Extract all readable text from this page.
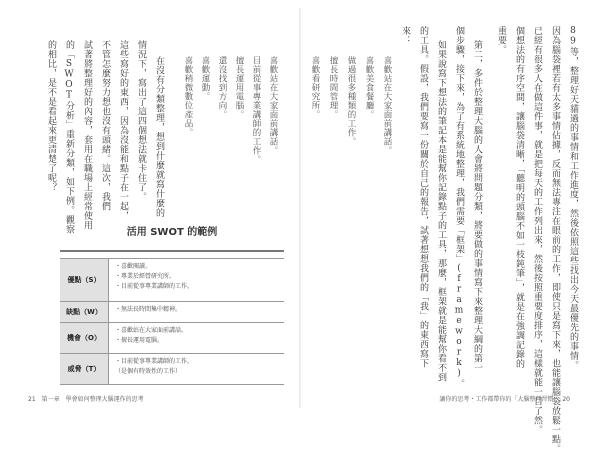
89等，整理好天貓過的事情和工作進度，然後依照這些找出今天最優先的事情。
因為腦袋裡若有太多事情佔據，反而無法專注在眼前的工作，即使只是寫下來，也能讓腦袋放鬆一點。
已經有很多人在做這件事，就是把每天的工作列出來，然後按照重要度排序，這樣就能一目了然。
個想法的有序空間，讓腦袋清晰，「聽明的頭腦不如一枝鈍筆」，就是在強調記錄的
重要。
第二，多件於整理大腦的人會將問題分類，將要做的事情寫下來整理大綱的第一
個步驟，接下來，為了有系統地整理，我們需要「框架」(framework)。
如果說寫下想法的筆記本是能幫你記錄點子的工具，那麼，框架就是能幫你看不到
的工具。假設，我們要寫一份關於自己的報告，試著想想我們的「我」的東西寫下
來：
喜歡站在大家面前講話。
喜歡美食餐廳。
做過很多種類的工作。
擅長時間管理。
喜歡看研究所。
喜歡站在大家面前講話。
目前從事專業講師的工作。
擅長運用電腦。
還沒找到方向。
喜歡運動。
喜歡稍微數位產品。
在沒有分類整理，想到什麼就寫什麼的
情況下，寫出了這四個想法就卡住了。
這些寫好的東西，因為沒能和點子在一起，
不管怎麼努力想也沒有頭緒。這次，我們
試著將整理好的內容，套用在職場上經常使用
的「SWOT分析」重新分類，如下例。觀察
的相比，是不是看起來更清楚了呢？
活用 SWOT 的範例
優點（S）
・喜歡閱讀。
・專業於經營研究所。
・目前從事專業講師的工作。
缺點（W）	・無法長時間集中精神。
機會（O）
・喜歡站在大家面前講話。
・擅長運用電腦。
威脅（T）
・目前從事專業講師的工作，
（是個有時效性的工作）
21　第一章　學會如何整理大腦運作的思考	讓你的思考・工作都帶你的「大腦整理習慣」　20
